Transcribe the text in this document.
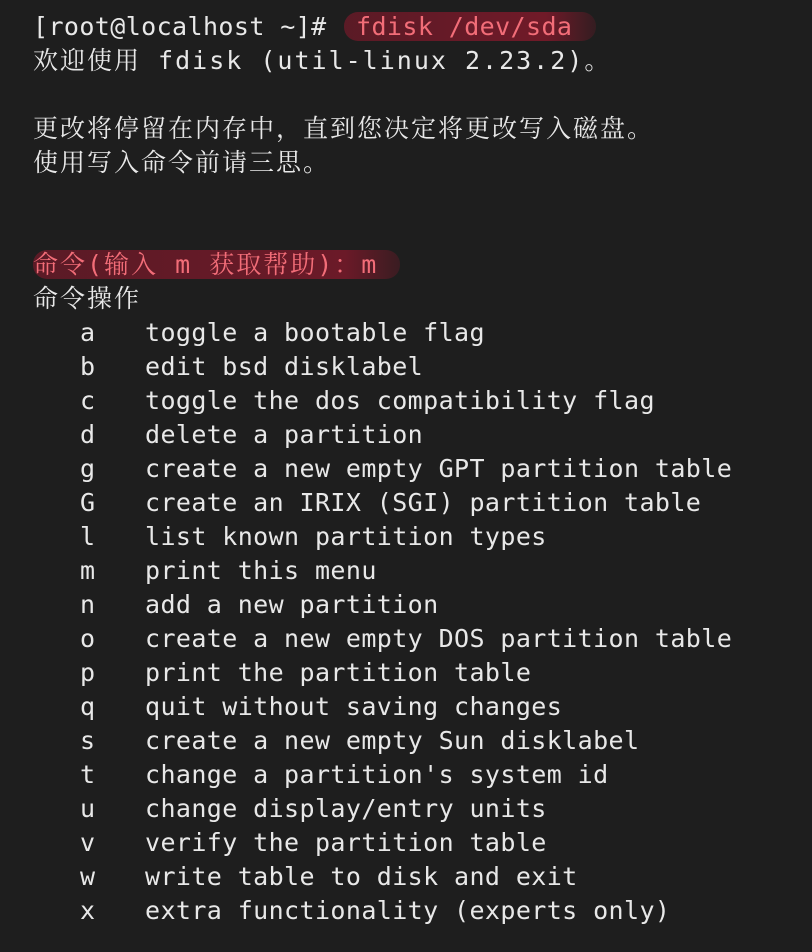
[root@localhost ~]# fdisk /dev/sda
欢迎使用 fdisk (util-linux 2.23.2)。
更改将停留在内存中，直到您决定将更改写入磁盘。
使用写入命令前请三思。
命令(输入 m 获取帮助)：m
命令操作
a	toggle a bootable flag
b	edit bsd disklabel
c	toggle the dos compatibility flag
d	delete a partition
g	create a new empty GPT partition table
G	create an IRIX (SGI) partition table
l	list known partition types
m	print this menu
n	add a new partition
o	create a new empty DOS partition table
p	print the partition table
q	quit without saving changes
s	create a new empty Sun disklabel
t	change a partition's system id
u	change display/entry units
v	verify the partition table
w	write table to disk and exit
x	extra functionality (experts only)
